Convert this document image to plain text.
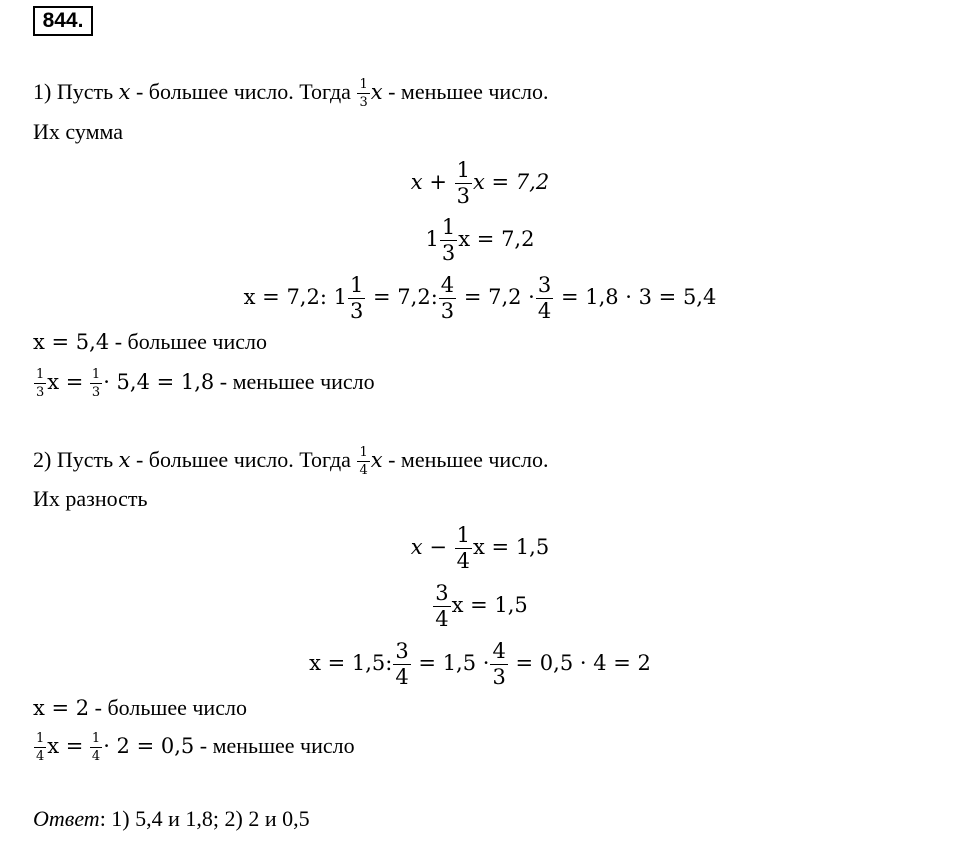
844.
1) Пусть x - большее число. Тогда $\frac{1}{3}$ x - меньшее число.
Их сумма
$x + \frac{1}{3}$ x = 7,2
$1 \frac{1}{3}$ x = 7,2
x = 7,2: $1 \frac{1}{3} = 7,2$: $\frac{4}{3} = 7,2 \cdot \frac{3}{4} = 1,8 \cdot 3 = 5,4$
x = 5,4 - большее число
$\frac{1}{3}$ $x = \frac{1}{3} \cdot 5,4 = 1,8$ - меньшее число
2) Пусть x - большее число. Тогда $\frac{1}{4}$ x - меньшее число.
Их разность
$x - \frac{1}{4}$ x = 1,5
$\frac{3}{4}$ x = 1,5
x = 1,5: $\frac{3}{4} = 1,5 \cdot \frac{4}{3} = 0,5 \cdot 4 = 2$
x = 2 - большее число
$\frac{1}{4}$ $x = \frac{1}{4} \cdot 2 = 0,5$ - меньшее число
Ответ: 1) 5,4 и 1,8; 2) 2 и 0,5
